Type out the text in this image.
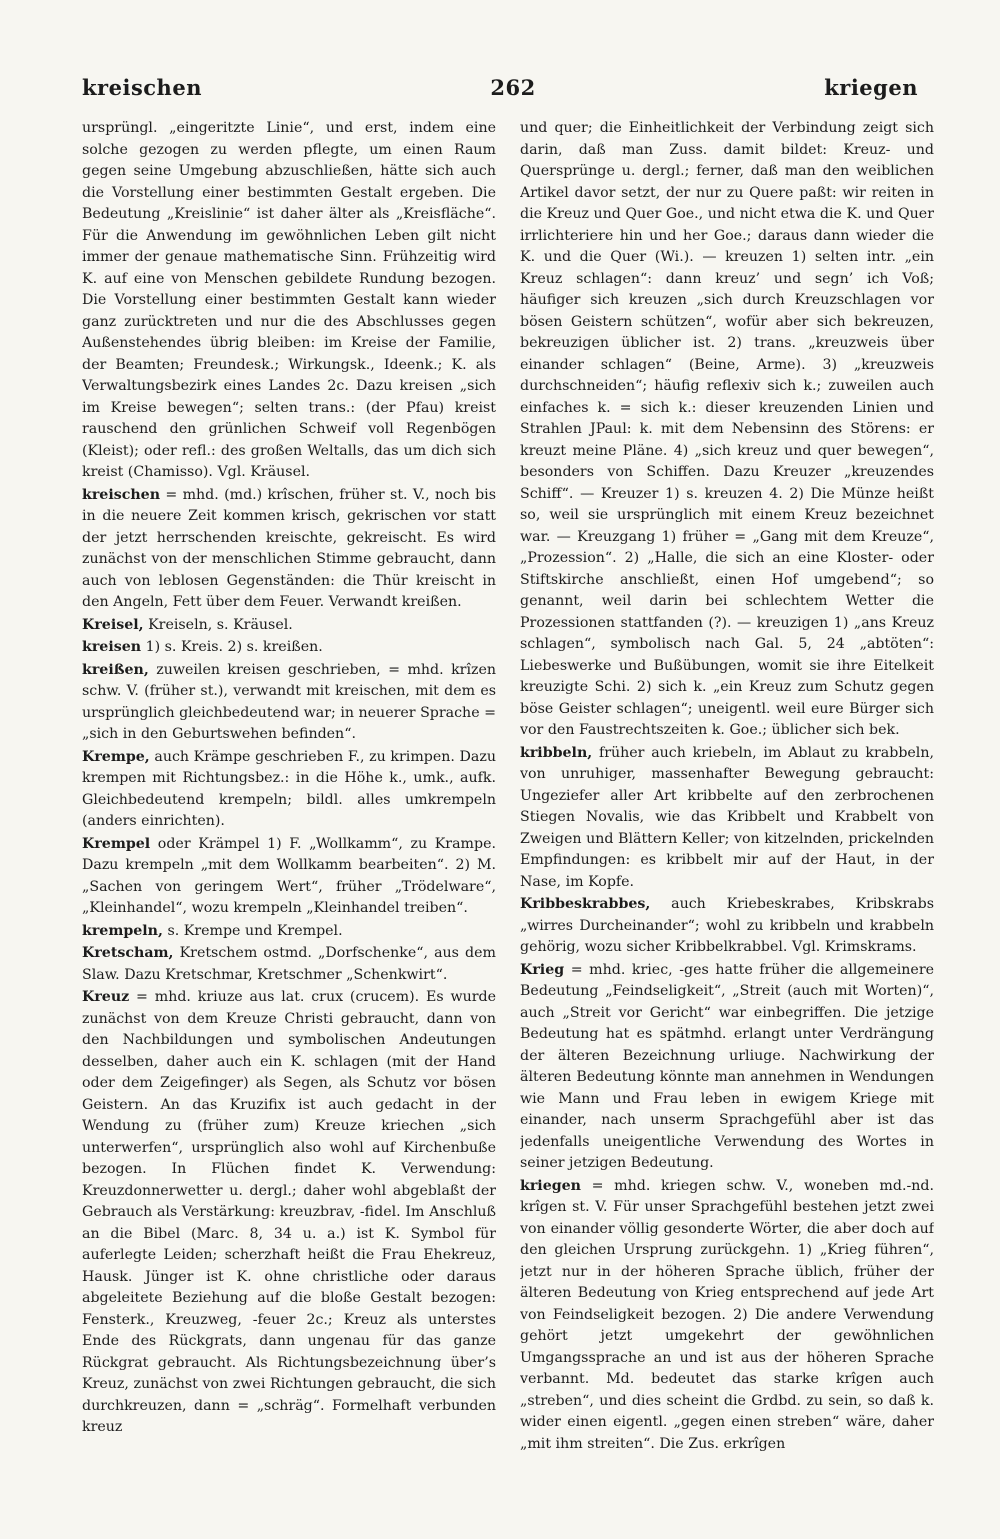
kreischen	262	kriegen

ursprüngl. „eingeritzte Linie“, und erst, indem eine solche gezogen zu werden pflegte, um einen Raum gegen seine Umgebung abzuschließen, hätte sich auch die Vorstellung einer bestimmten Gestalt ergeben. Die Bedeutung „Kreislinie“ ist daher älter als „Kreisfläche“. Für die Anwendung im gewöhnlichen Leben gilt nicht immer der genaue mathematische Sinn. Frühzeitig wird K. auf eine von Menschen gebildete Rundung bezogen. Die Vorstellung einer bestimmten Gestalt kann wieder ganz zurücktreten und nur die des Abschlusses gegen Außenstehendes übrig bleiben: im Kreise der Familie, der Beamten; Freundesk.; Wirkungsk., Ideenk.; K. als Verwaltungsbezirk eines Landes 2c. Dazu kreisen „sich im Kreise bewegen“; selten trans.: (der Pfau) kreist rauschend den grünlichen Schweif voll Regenbögen (Kleist); oder refl.: des großen Weltalls, das um dich sich kreist (Chamisso). Vgl. Kräusel.

kreischen = mhd. (md.) krîschen, früher st. V., noch bis in die neuere Zeit kommen krisch, gekrischen vor statt der jetzt herrschenden kreischte, gekreischt. Es wird zunächst von der menschlichen Stimme gebraucht, dann auch von leblosen Gegenständen: die Thür kreischt in den Angeln, Fett über dem Feuer. Verwandt kreißen.

Kreisel, Kreiseln, s. Kräusel.

kreisen 1) s. Kreis. 2) s. kreißen.

kreißen, zuweilen kreisen geschrieben, = mhd. krîzen schw. V. (früher st.), verwandt mit kreischen, mit dem es ursprünglich gleichbedeutend war; in neuerer Sprache = „sich in den Geburtswehen befinden“.

Krempe, auch Krämpe geschrieben F., zu krimpen. Dazu krempen mit Richtungsbez.: in die Höhe k., umk., aufk. Gleichbedeutend krempeln; bildl. alles umkrempeln (anders einrichten).

Krempel oder Krämpel 1) F. „Wollkamm“, zu Krampe. Dazu krempeln „mit dem Wollkamm bearbeiten“. 2) M. „Sachen von geringem Wert“, früher „Trödelware“, „Kleinhandel“, wozu krempeln „Kleinhandel treiben“.

krempeln, s. Krempe und Krempel.

Kretscham, Kretschem ostmd. „Dorfschenke“, aus dem Slaw. Dazu Kretschmar, Kretschmer „Schenkwirt“.

Kreuz = mhd. kriuze aus lat. crux (crucem). Es wurde zunächst von dem Kreuze Christi gebraucht, dann von den Nachbildungen und symbolischen Andeutungen desselben, daher auch ein K. schlagen (mit der Hand oder dem Zeigefinger) als Segen, als Schutz vor bösen Geistern. An das Kruzifix ist auch gedacht in der Wendung zu (früher zum) Kreuze kriechen „sich unterwerfen“, ursprünglich also wohl auf Kirchenbuße bezogen. In Flüchen findet K. Verwendung: Kreuzdonnerwetter u. dergl.; daher wohl abgeblaßt der Gebrauch als Verstärkung: kreuzbrav, -fidel. Im Anschluß an die Bibel (Marc. 8, 34 u. a.) ist K. Symbol für auferlegte Leiden; scherzhaft heißt die Frau Ehekreuz, Hausk. Jünger ist K. ohne christliche oder daraus abgeleitete Beziehung auf die bloße Gestalt bezogen: Fensterk., Kreuzweg, -feuer 2c.; Kreuz als unterstes Ende des Rückgrats, dann ungenau für das ganze Rückgrat gebraucht. Als Richtungsbezeichnung über’s Kreuz, zunächst von zwei Richtungen gebraucht, die sich durchkreuzen, dann = „schräg“. Formelhaft verbunden kreuz

und quer; die Einheitlichkeit der Verbindung zeigt sich darin, daß man Zuss. damit bildet: Kreuz- und Quersprünge u. dergl.; ferner, daß man den weiblichen Artikel davor setzt, der nur zu Quere paßt: wir reiten in die Kreuz und Quer Goe., und nicht etwa die K. und Quer irrlichteriere hin und her Goe.; daraus dann wieder die K. und die Quer (Wi.). — kreuzen 1) selten intr. „ein Kreuz schlagen“: dann kreuz’ und segn’ ich Voß; häufiger sich kreuzen „sich durch Kreuzschlagen vor bösen Geistern schützen“, wofür aber sich bekreuzen, bekreuzigen üblicher ist. 2) trans. „kreuzweis über einander schlagen“ (Beine, Arme). 3) „kreuzweis durchschneiden“; häufig reflexiv sich k.; zuweilen auch einfaches k. = sich k.: dieser kreuzenden Linien und Strahlen JPaul: k. mit dem Nebensinn des Störens: er kreuzt meine Pläne. 4) „sich kreuz und quer bewegen“, besonders von Schiffen. Dazu Kreuzer „kreuzendes Schiff“. — Kreuzer 1) s. kreuzen 4. 2) Die Münze heißt so, weil sie ursprünglich mit einem Kreuz bezeichnet war. — Kreuzgang 1) früher = „Gang mit dem Kreuze“, „Prozession“. 2) „Halle, die sich an eine Kloster- oder Stiftskirche anschließt, einen Hof umgebend“; so genannt, weil darin bei schlechtem Wetter die Prozessionen stattfanden (?). — kreuzigen 1) „ans Kreuz schlagen“, symbolisch nach Gal. 5, 24 „abtöten“: Liebeswerke und Bußübungen, womit sie ihre Eitelkeit kreuzigte Schi. 2) sich k. „ein Kreuz zum Schutz gegen böse Geister schlagen“; uneigentl. weil eure Bürger sich vor den Faustrechtszeiten k. Goe.; üblicher sich bek.

kribbeln, früher auch kriebeln, im Ablaut zu krabbeln, von unruhiger, massenhafter Bewegung gebraucht: Ungeziefer aller Art kribbelte auf den zerbrochenen Stiegen Novalis, wie das Kribbelt und Krabbelt von Zweigen und Blättern Keller; von kitzelnden, prickelnden Empfindungen: es kribbelt mir auf der Haut, in der Nase, im Kopfe.

Kribbeskrabbes, auch Kriebeskrabes, Kribskrabs „wirres Durcheinander“; wohl zu kribbeln und krabbeln gehörig, wozu sicher Kribbelkrabbel. Vgl. Krimskrams.

Krieg = mhd. kriec, -ges hatte früher die allgemeinere Bedeutung „Feindseligkeit“, „Streit (auch mit Worten)“, auch „Streit vor Gericht“ war einbegriffen. Die jetzige Bedeutung hat es spätmhd. erlangt unter Verdrängung der älteren Bezeichnung urliuge. Nachwirkung der älteren Bedeutung könnte man annehmen in Wendungen wie Mann und Frau leben in ewigem Kriege mit einander, nach unserm Sprachgefühl aber ist das jedenfalls uneigentliche Verwendung des Wortes in seiner jetzigen Bedeutung.

kriegen = mhd. kriegen schw. V., woneben md.-nd. krîgen st. V. Für unser Sprachgefühl bestehen jetzt zwei von einander völlig gesonderte Wörter, die aber doch auf den gleichen Ursprung zurückgehn. 1) „Krieg führen“, jetzt nur in der höheren Sprache üblich, früher der älteren Bedeutung von Krieg entsprechend auf jede Art von Feindseligkeit bezogen. 2) Die andere Verwendung gehört jetzt umgekehrt der gewöhnlichen Umgangssprache an und ist aus der höheren Sprache verbannt. Md. bedeutet das starke krîgen auch „streben“, und dies scheint die Grdbd. zu sein, so daß k. wider einen eigentl. „gegen einen streben“ wäre, daher „mit ihm streiten“. Die Zus. erkrîgen
